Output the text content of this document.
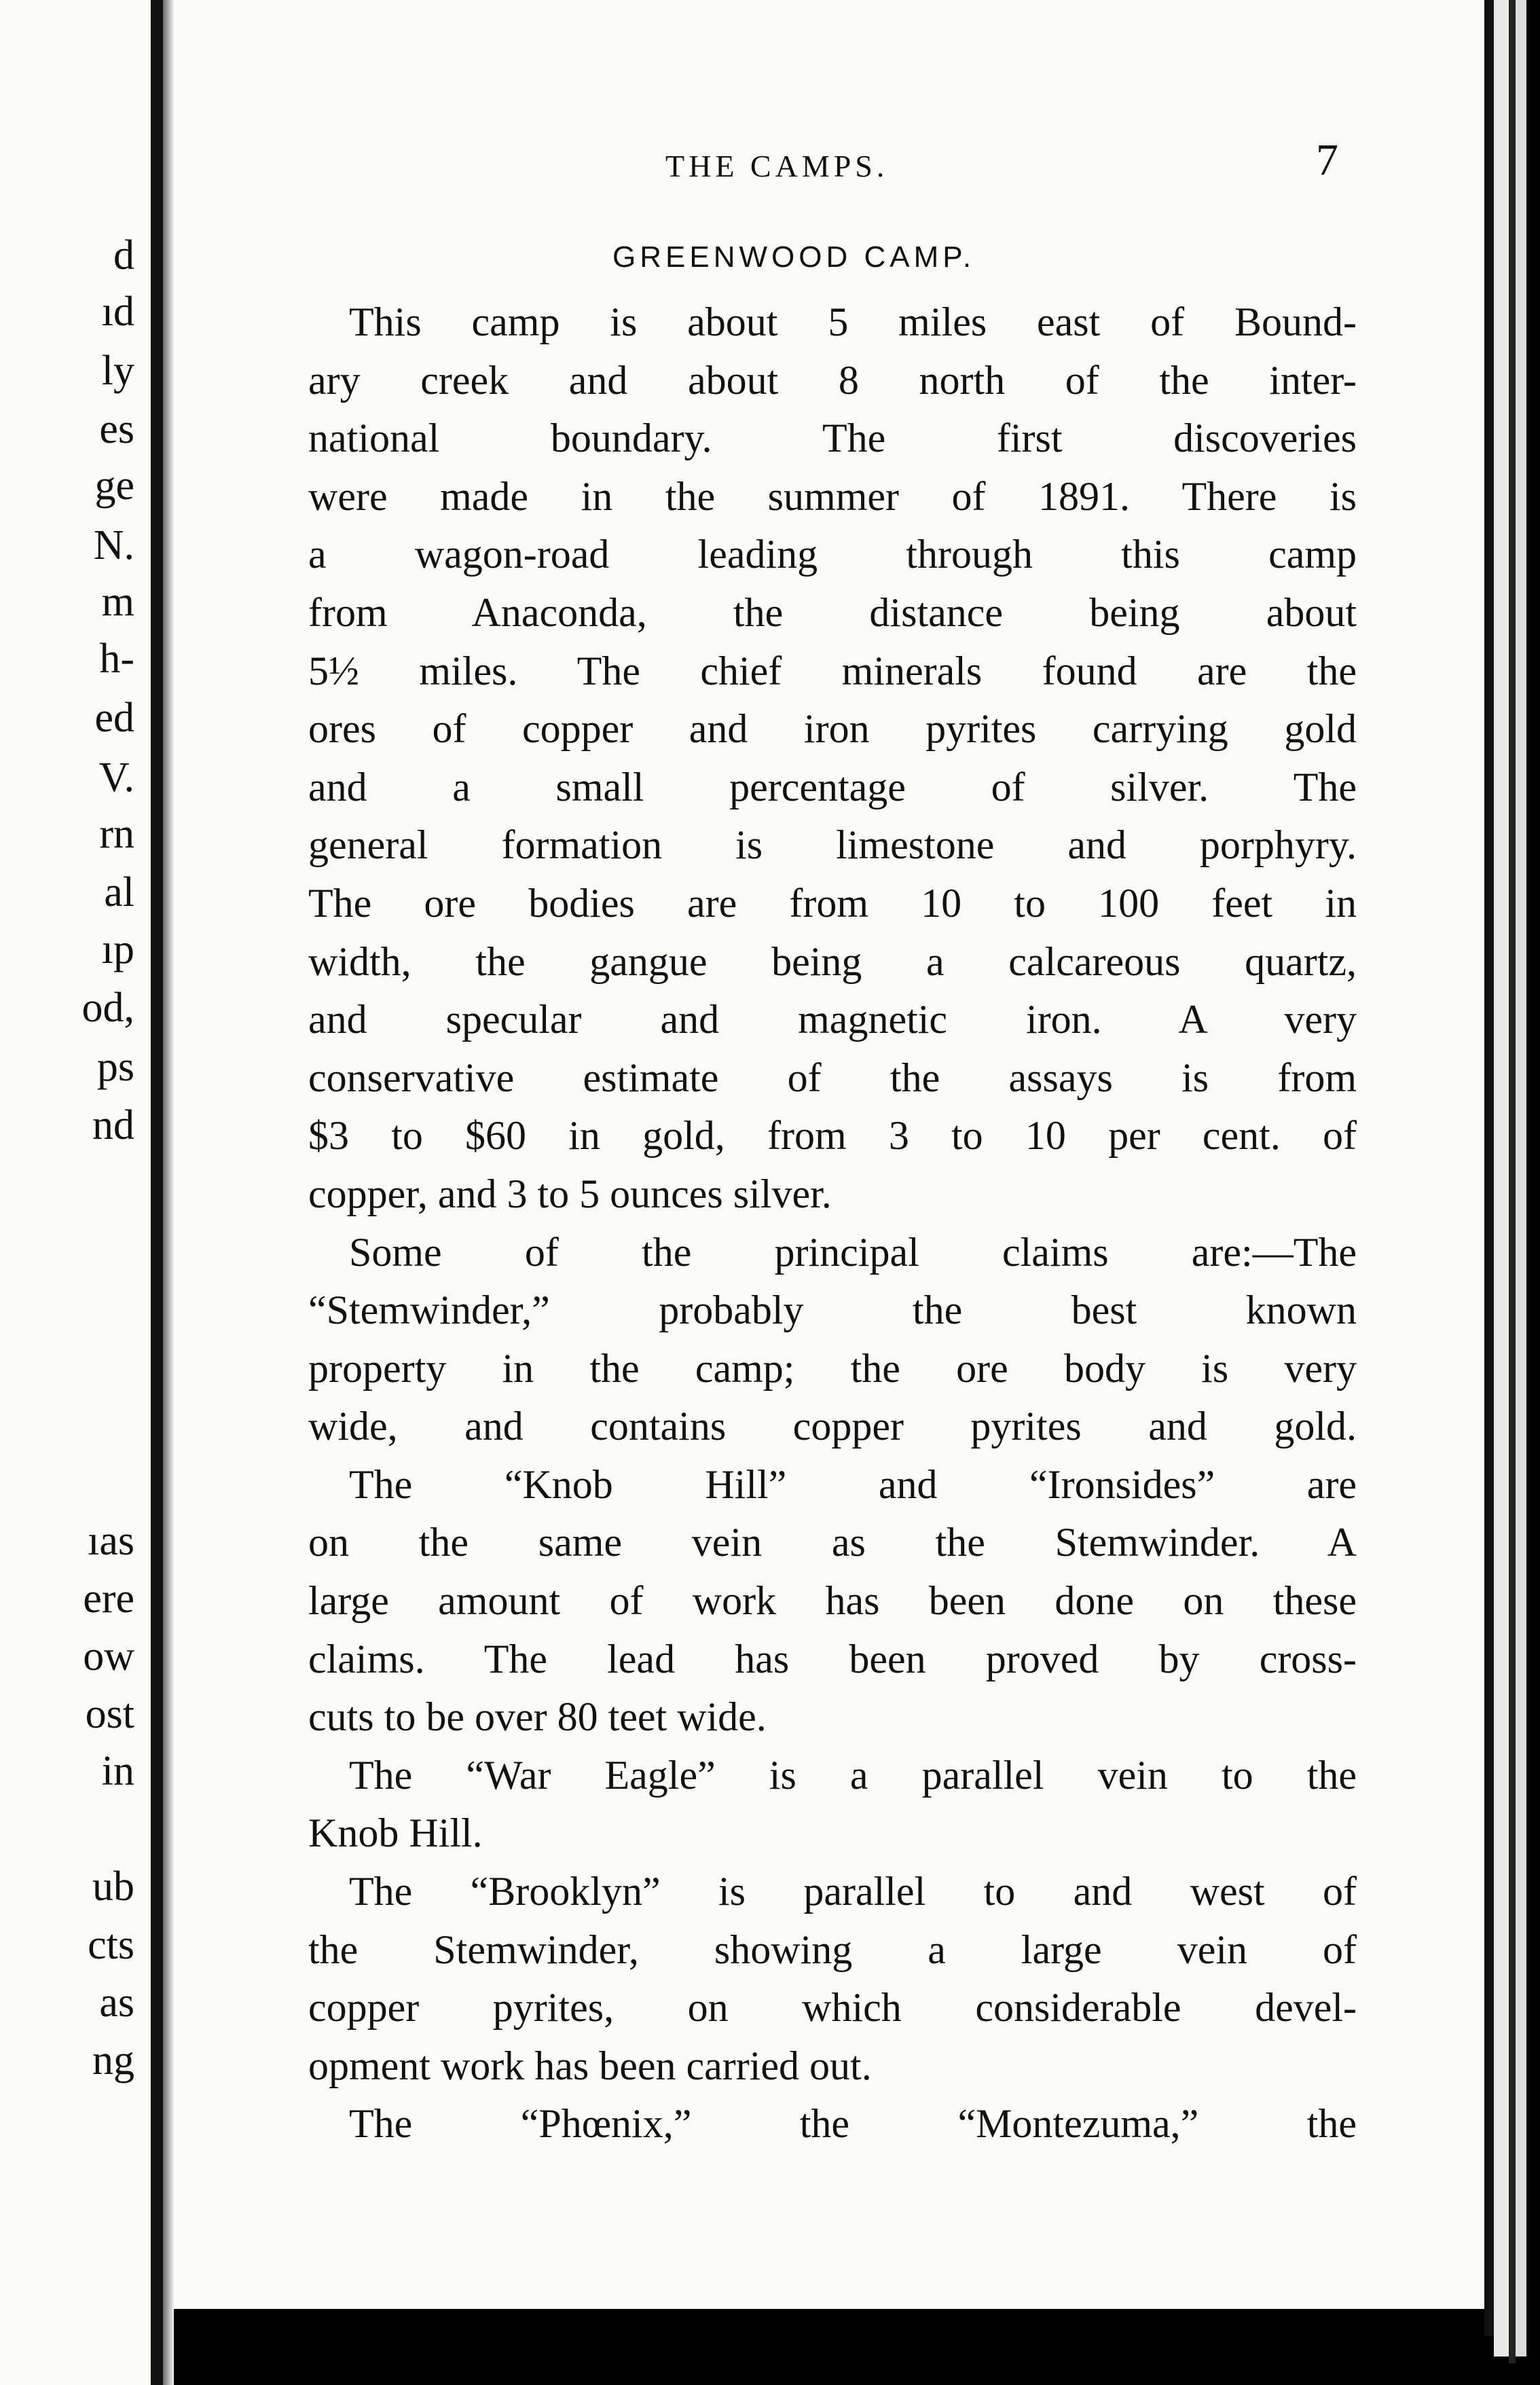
d
ıd
ly
es
ge
N.
m
h-
ed
V.
rn
al
ıp
od,
ps
nd
ıas
ere
ow
ost
in
ub
cts
as
ng
THE CAMPS.	7
GREENWOOD CAMP.
This camp is about 5 miles east of Bound-
ary creek and about 8 north of the inter-
national boundary. The first discoveries
were made in the summer of 1891. There is
a wagon-road leading through this camp
from Anaconda, the distance being about
5½ miles. The chief minerals found are the
ores of copper and iron pyrites carrying gold
and a small percentage of silver. The
general formation is limestone and porphyry.
The ore bodies are from 10 to 100 feet in
width, the gangue being a calcareous quartz,
and specular and magnetic iron. A very
conservative estimate of the assays is from
$3 to $60 in gold, from 3 to 10 per cent. of
copper, and 3 to 5 ounces silver.
Some of the principal claims are:—The
“Stemwinder,” probably the best known
property in the camp; the ore body is very
wide, and contains copper pyrites and gold.
The “Knob Hill” and “Ironsides” are
on the same vein as the Stemwinder. A
large amount of work has been done on these
claims. The lead has been proved by cross-
cuts to be over 80 teet wide.
The “War Eagle” is a parallel vein to the
Knob Hill.
The “Brooklyn” is parallel to and west of
the Stemwinder, showing a large vein of
copper pyrites, on which considerable devel-
opment work has been carried out.
The “Phœnix,” the “Montezuma,” the
